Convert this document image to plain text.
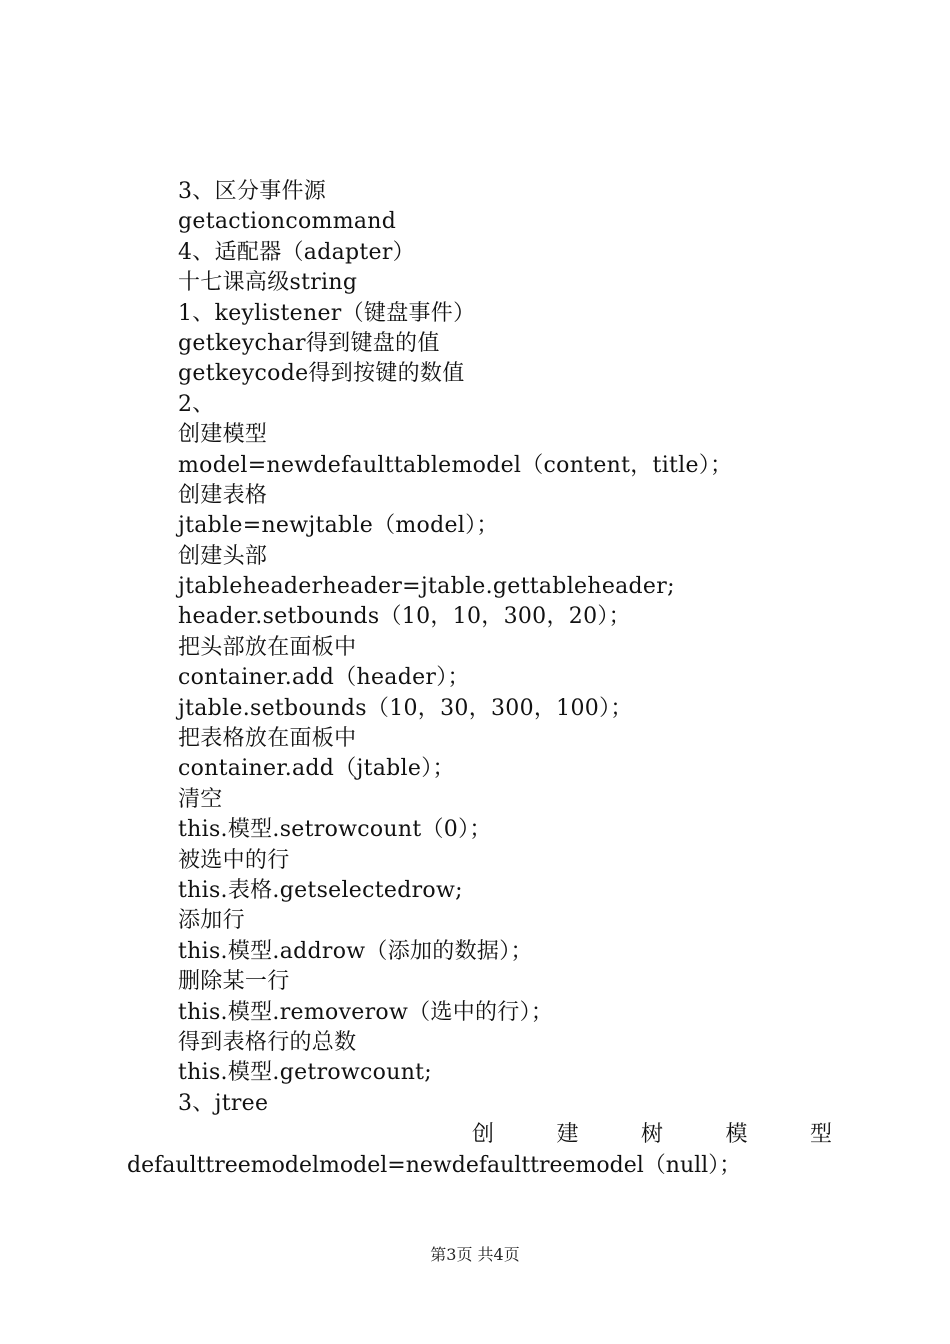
3、区分事件源
getactioncommand
4、适配器（adapter）
十七课高级string
1、keylistener（键盘事件）
getkeychar得到键盘的值
getkeycode得到按键的数值
2、
创建模型
model=newdefaulttablemodel（content，title）；
创建表格
jtable=newjtable（model）；
创建头部
jtableheaderheader=jtable.gettableheader;
header.setbounds（10，10，300，20）；
把头部放在面板中
container.add（header）；
jtable.setbounds（10，30，300，100）；
把表格放在面板中
container.add（jtable）；
清空
this.模型.setrowcount（0）；
被选中的行
this.表格.getselectedrow;
添加行
this.模型.addrow（添加的数据）；
删除某一行
this.模型.removerow（选中的行）；
得到表格行的总数
this.模型.getrowcount;
3、jtree
创	建	树	模	型
defaulttreemodelmodel=newdefaulttreemodel（null）；
第3页 共4页
